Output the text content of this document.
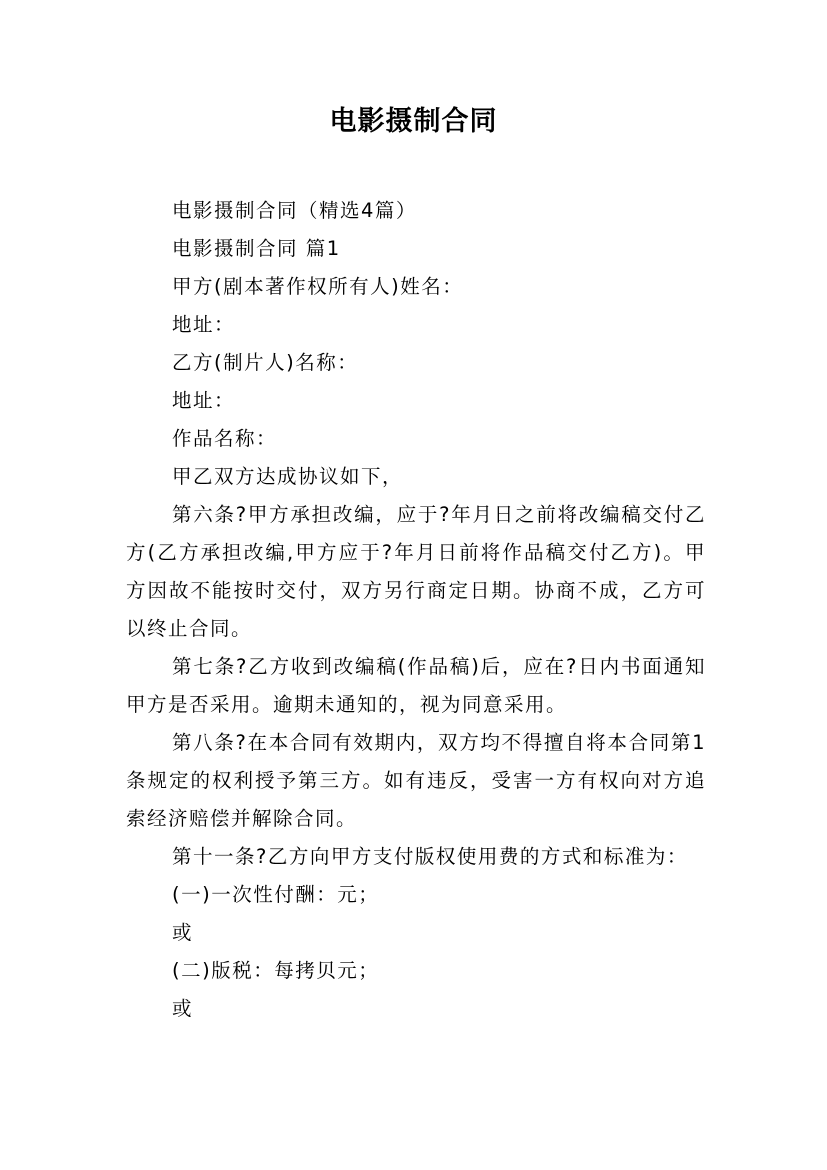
电影摄制合同

电影摄制合同（精选4篇）

电影摄制合同 篇1

甲方(剧本著作权所有人)姓名：

地址：

乙方(制片人)名称：

地址：

作品名称：

甲乙双方达成协议如下，

第六条?甲方承担改编，应于?年月日之前将改编稿交付乙方(乙方承担改编,甲方应于?年月日前将作品稿交付乙方)。甲方因故不能按时交付，双方另行商定日期。协商不成，乙方可以终止合同。

第七条?乙方收到改编稿(作品稿)后，应在?日内书面通知甲方是否采用。逾期未通知的，视为同意采用。

第八条?在本合同有效期内，双方均不得擅自将本合同第1条规定的权利授予第三方。如有违反，受害一方有权向对方追索经济赔偿并解除合同。

第十一条?乙方向甲方支付版权使用费的方式和标准为：

(一)一次性付酬：元；

或

(二)版税：每拷贝元；

或
